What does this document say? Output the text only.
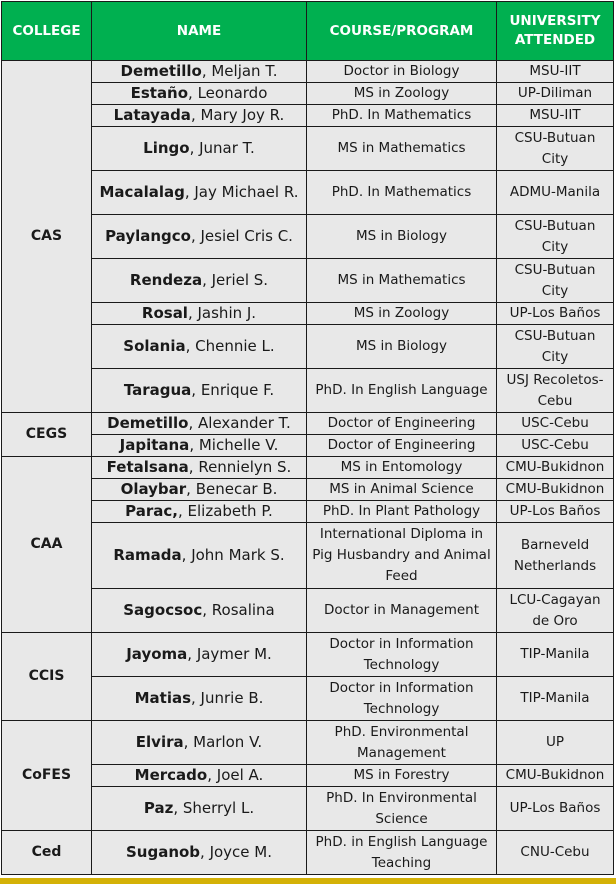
COLLEGE	NAME	COURSE/PROGRAM	UNIVERSITY ATTENDED
CAS	Demetillo, Meljan T.	Doctor in Biology	MSU-IIT
	Estaño, Leonardo	MS in Zoology	UP-Diliman
	Latayada, Mary Joy R.	PhD. In Mathematics	MSU-IIT
	Lingo, Junar T.	MS in Mathematics	CSU-Butuan City
	Macalalag, Jay Michael R.	PhD. In Mathematics	ADMU-Manila
	Paylangco, Jesiel Cris C.	MS in Biology	CSU-Butuan City
	Rendeza, Jeriel S.	MS in Mathematics	CSU-Butuan City
	Rosal, Jashin J.	MS in Zoology	UP-Los Baños
	Solania, Chennie L.	MS in Biology	CSU-Butuan City
	Taragua, Enrique F.	PhD. In English Language	USJ Recoletos-Cebu
CEGS	Demetillo, Alexander T.	Doctor of Engineering	USC-Cebu
	Japitana, Michelle V.	Doctor of Engineering	USC-Cebu
CAA	Fetalsana, Rennielyn S.	MS in Entomology	CMU-Bukidnon
	Olaybar, Benecar B.	MS in Animal Science	CMU-Bukidnon
	Parac,, Elizabeth P.	PhD. In Plant Pathology	UP-Los Baños
	Ramada, John Mark S.	International Diploma in Pig Husbandry and Animal Feed	Barneveld Netherlands
	Sagocsoc, Rosalina	Doctor in Management	LCU-Cagayan de Oro
CCIS	Jayoma, Jaymer M.	Doctor in Information Technology	TIP-Manila
	Matias, Junrie B.	Doctor in Information Technology	TIP-Manila
CoFES	Elvira, Marlon V.	PhD. Environmental Management	UP
	Mercado, Joel A.	MS in Forestry	CMU-Bukidnon
	Paz, Sherryl L.	PhD. In Environmental Science	UP-Los Baños
Ced	Suganob, Joyce M.	PhD. in English Language Teaching	CNU-Cebu
